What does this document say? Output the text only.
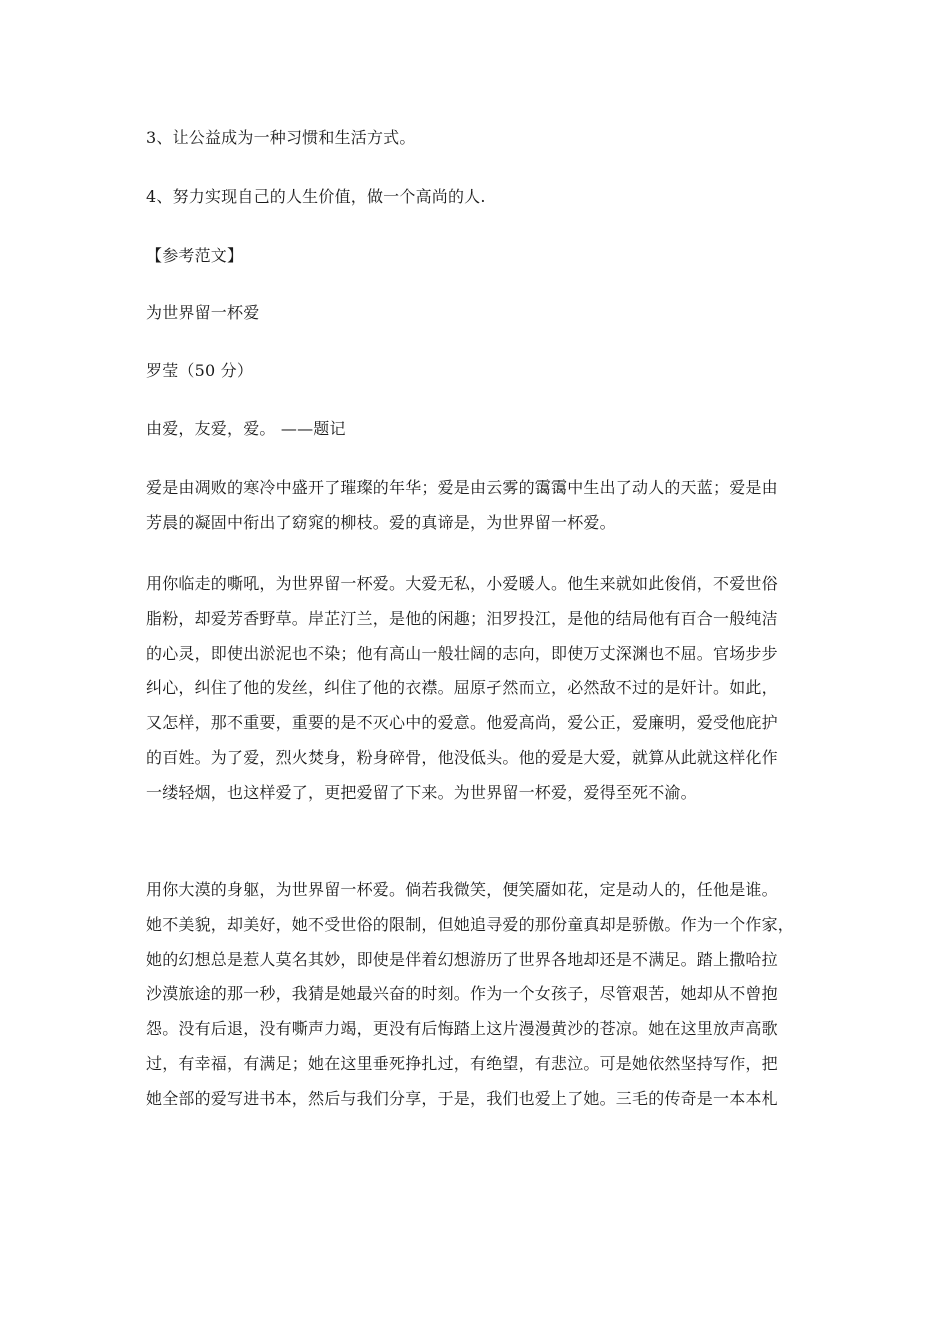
3、让公益成为一种习惯和生活方式。
4、努力实现自己的人生价值，做一个高尚的人.
【参考范文】
为世界留一杯爱
罗莹（50 分）
由爱，友爱，爱。 ——题记
爱是由凋败的寒冷中盛开了璀璨的年华；爱是由云雾的霭霭中生出了动人的天蓝；爱是由
芳晨的凝固中衔出了窈窕的柳枝。爱的真谛是，为世界留一杯爱。
用你临走的嘶吼，为世界留一杯爱。大爱无私，小爱暖人。他生来就如此俊俏，不爱世俗
脂粉，却爱芳香野草。岸芷汀兰，是他的闲趣；汨罗投江，是他的结局他有百合一般纯洁
的心灵，即使出淤泥也不染；他有高山一般壮阔的志向，即使万丈深渊也不屈。官场步步
纠心，纠住了他的发丝，纠住了他的衣襟。屈原孑然而立，必然敌不过的是奸计。如此，
又怎样，那不重要，重要的是不灭心中的爱意。他爱高尚，爱公正，爱廉明，爱受他庇护
的百姓。为了爱，烈火焚身，粉身碎骨，他没低头。他的爱是大爱，就算从此就这样化作
一缕轻烟，也这样爱了，更把爱留了下来。为世界留一杯爱，爱得至死不渝。
用你大漠的身躯，为世界留一杯爱。倘若我微笑，便笑靥如花，定是动人的，任他是谁。
她不美貌，却美好，她不受世俗的限制，但她追寻爱的那份童真却是骄傲。作为一个作家，
她的幻想总是惹人莫名其妙，即使是伴着幻想游历了世界各地却还是不满足。踏上撒哈拉
沙漠旅途的那一秒，我猜是她最兴奋的时刻。作为一个女孩子，尽管艰苦，她却从不曾抱
怨。没有后退，没有嘶声力竭，更没有后悔踏上这片漫漫黄沙的苍凉。她在这里放声高歌
过，有幸福，有满足；她在这里垂死挣扎过，有绝望，有悲泣。可是她依然坚持写作，把
她全部的爱写进书本，然后与我们分享，于是，我们也爱上了她。三毛的传奇是一本本札
